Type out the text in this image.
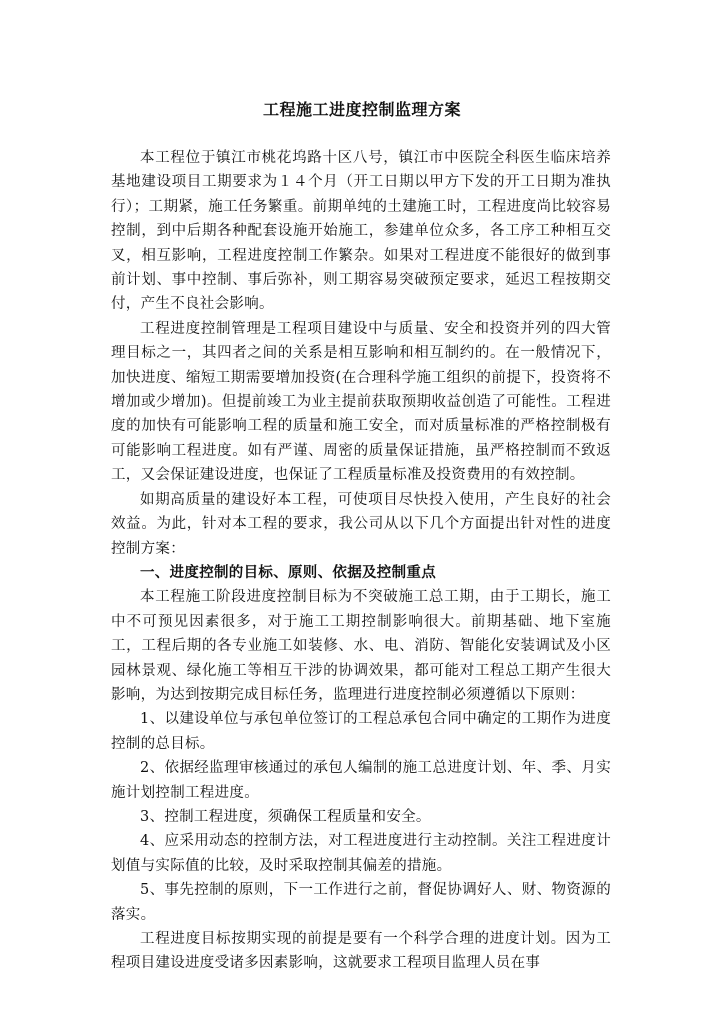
工程施工进度控制监理方案

本工程位于镇江市桃花坞路十区八号，镇江市中医院全科医生临床培养基地建设项目工期要求为１４个月（开工日期以甲方下发的开工日期为准执行）；工期紧，施工任务繁重。前期单纯的土建施工时，工程进度尚比较容易控制，到中后期各种配套设施开始施工，参建单位众多，各工序工种相互交叉，相互影响，工程进度控制工作繁杂。如果对工程进度不能很好的做到事前计划、事中控制、事后弥补，则工期容易突破预定要求，延迟工程按期交付，产生不良社会影响。

工程进度控制管理是工程项目建设中与质量、安全和投资并列的四大管理目标之一，其四者之间的关系是相互影响和相互制约的。在一般情况下，加快进度、缩短工期需要增加投资(在合理科学施工组织的前提下，投资将不增加或少增加)。但提前竣工为业主提前获取预期收益创造了可能性。工程进度的加快有可能影响工程的质量和施工安全，而对质量标准的严格控制极有可能影响工程进度。如有严谨、周密的质量保证措施，虽严格控制而不致返工，又会保证建设进度，也保证了工程质量标准及投资费用的有效控制。

如期高质量的建设好本工程，可使项目尽快投入使用，产生良好的社会效益。为此，针对本工程的要求，我公司从以下几个方面提出针对性的进度控制方案：

一、进度控制的目标、原则、依据及控制重点

本工程施工阶段进度控制目标为不突破施工总工期，由于工期长，施工中不可预见因素很多，对于施工工期控制影响很大。前期基础、地下室施工，工程后期的各专业施工如装修、水、电、消防、智能化安装调试及小区园林景观、绿化施工等相互干涉的协调效果，都可能对工程总工期产生很大影响，为达到按期完成目标任务，监理进行进度控制必须遵循以下原则：

1、以建设单位与承包单位签订的工程总承包合同中确定的工期作为进度控制的总目标。

2、依据经监理审核通过的承包人编制的施工总进度计划、年、季、月实施计划控制工程进度。

3、控制工程进度，须确保工程质量和安全。

4、应采用动态的控制方法，对工程进度进行主动控制。关注工程进度计划值与实际值的比较，及时采取控制其偏差的措施。

5、事先控制的原则，下一工作进行之前，督促协调好人、财、物资源的落实。

工程进度目标按期实现的前提是要有一个科学合理的进度计划。因为工程项目建设进度受诸多因素影响，这就要求工程项目监理人员在事
